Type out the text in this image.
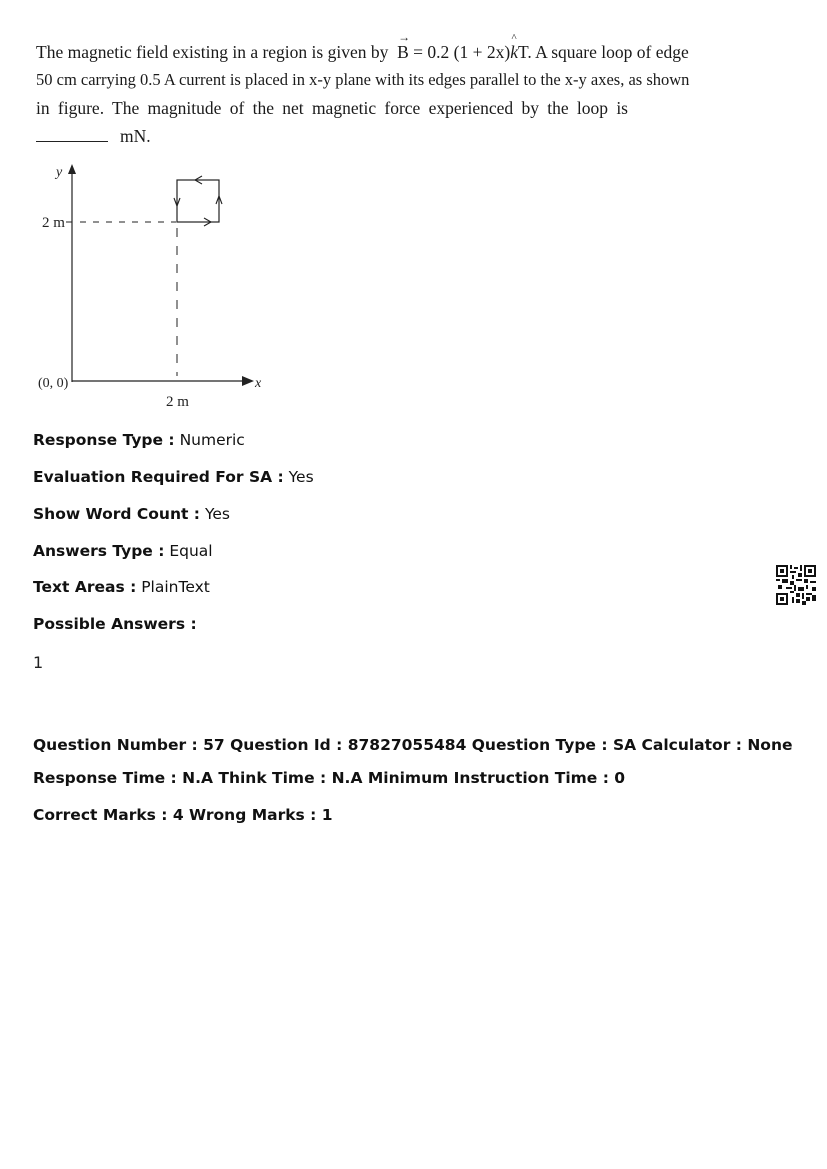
The magnetic field existing in a region is given by → B = 0.2 (1 + 2x)
^
kT. A square loop of edge
50 cm carrying 0.5 A current is placed in x-y plane with its edges parallel to the x-y axes, as shown
in figure. The magnitude of the net magnetic force experienced by the loop is
mN.
y
x
2 m
(0, 0)
2 m
Response Type : Numeric
Evaluation Required For SA : Yes
Show Word Count : Yes
Answers Type : Equal
Text Areas : PlainText
Possible Answers :
1
Question Number : 57 Question Id : 87827055484 Question Type : SA Calculator : None
Response Time : N.A Think Time : N.A Minimum Instruction Time : 0
Correct Marks : 4 Wrong Marks : 1
